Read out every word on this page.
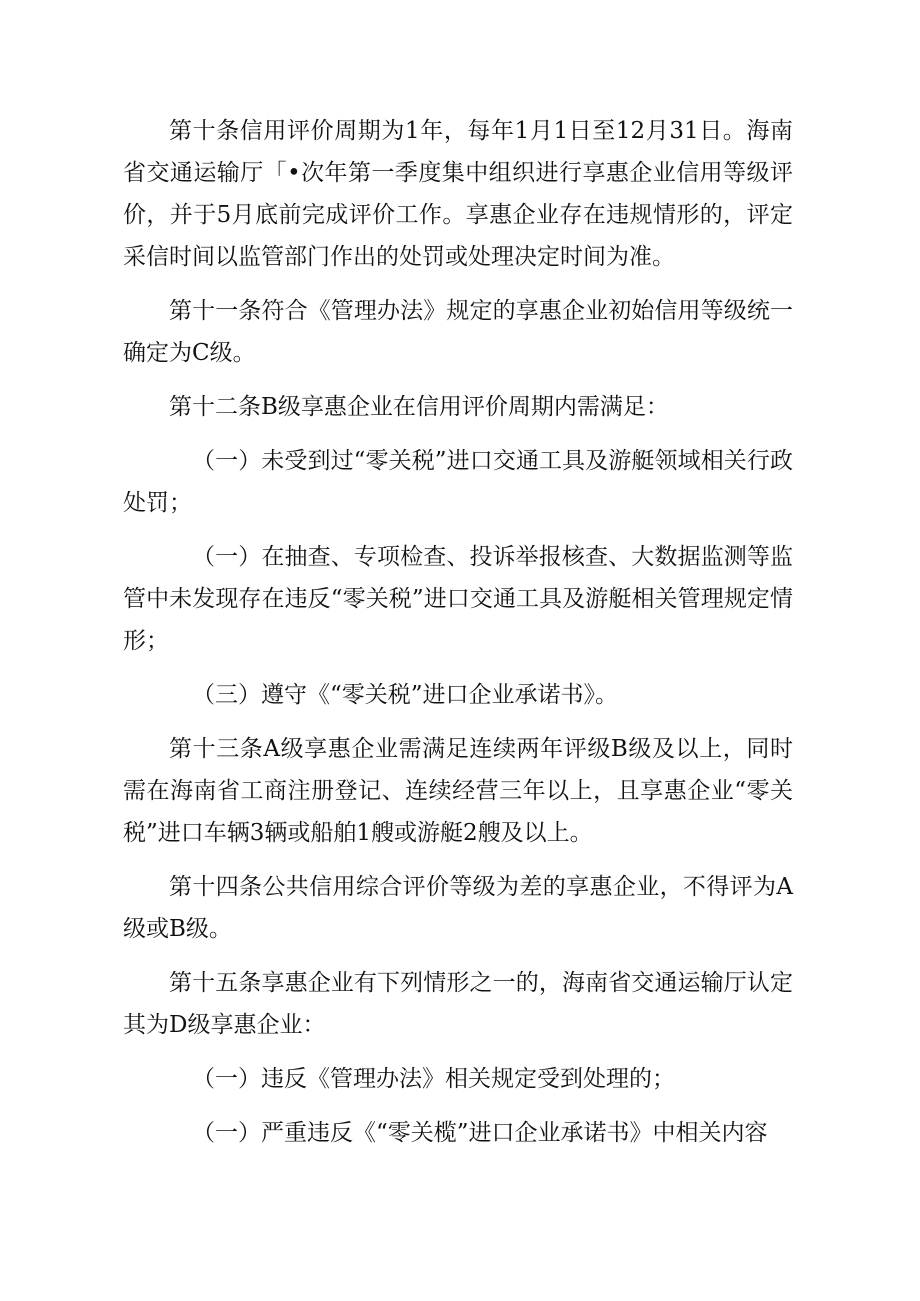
第十条信用评价周期为1年，每年1月1日至12月31日。海南省交通运输厅「•次年第一季度集中组织进行享惠企业信用等级评价，并于5月底前完成评价工作。享惠企业存在违规情形的，评定采信时间以监管部门作出的处罚或处理决定时间为准。

第十一条符合《管理办法》规定的享惠企业初始信用等级统一确定为C级。

第十二条B级享惠企业在信用评价周期内需满足：

（一）未受到过“零关税”进口交通工具及游艇领域相关行政处罚；

（一）在抽查、专项检查、投诉举报核查、大数据监测等监管中未发现存在违反“零关税”进口交通工具及游艇相关管理规定情形；

（三）遵守《“零关税”进口企业承诺书》。

第十三条A级享惠企业需满足连续两年评级B级及以上，同时需在海南省工商注册登记、连续经营三年以上，且享惠企业“零关税”进口车辆3辆或船舶1艘或游艇2艘及以上。

第十四条公共信用综合评价等级为差的享惠企业，不得评为A级或B级。

第十五条享惠企业有下列情形之一的，海南省交通运输厅认定其为D级享惠企业：

（一）违反《管理办法》相关规定受到处理的；

（一）严重违反《“零关榄”进口企业承诺书》中相关内容
